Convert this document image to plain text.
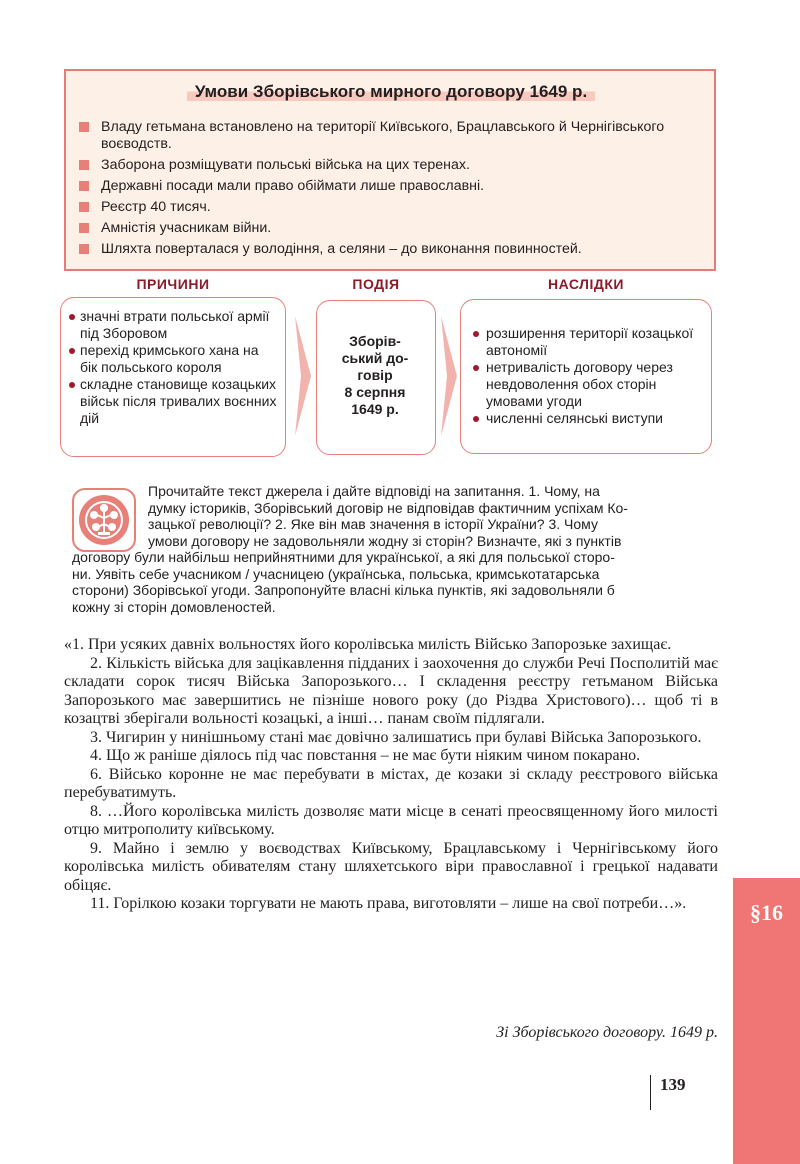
Умови Зборівського мирного договору 1649 р.
Владу гетьмана встановлено на території Київського, Брацлавського й Чернігівського воєводств.
Заборона розміщувати польські війська на цих теренах.
Державні посади мали право обіймати лише православні.
Реєстр 40 тисяч.
Амністія учасникам війни.
Шляхта поверталася у володіння, а селяни – до виконання повинностей.
ПРИЧИНИ	ПОДІЯ	НАСЛІДКИ
значні втрати польської армії під Зборовом
перехід кримського хана на бік польського короля
складне становище козацьких військ після тривалих воєнних дій
Зборів-
ський до-
говір
8 серпня
1649 р.
розширення території козацької автономії
нетривалість договору через невдоволення обох сторін умовами угоди
численні селянські виступи
Прочитайте текст джерела і дайте відповіді на запитання. 1. Чому, на
думку істориків, Зборівський договір не відповідав фактичним успіхам Ко-
зацької революції? 2. Яке він мав значення в історії України? 3. Чому
умови договору не задовольняли жодну зі сторін? Визначте, які з пунктів
договору були найбільш неприйнятними для української, а які для польської сторо-
ни. Уявіть себе учасником / учасницею (українська, польська, кримськотатарська
сторони) Зборівської угоди. Запропонуйте власні кілька пунктів, які задовольняли б
кожну зі сторін домовленостей.

«1. При усяких давніх вольностях його королівська милість Військо Запорозьке захищає.

2. Кількість війська для зацікавлення підданих і заохочення до служби Речі Посполитій має складати сорок тисяч Війська Запорозького… І складення реєстру гетьманом Війська Запорозького має завершитись не пізніше нового року (до Різдва Христового)… щоб ті в козацтві зберігали вольності козацькі, а інші… панам своїм підлягали.

3. Чигирин у нинішньому стані має довічно залишатись при булаві Війська Запорозького.

4. Що ж раніше діялось під час повстання – не має бути ніяким чином покарано.

6. Військо коронне не має перебувати в містах, де козаки зі складу реєстрового війська перебуватимуть.

8. …Його королівська милість дозволяє мати місце в сенаті преосвященному його милості отцю митрополиту київському.

9. Майно і землю у воєводствах Київському, Брацлавському і Чернігівському його королівська милість обивателям стану шляхетського віри православної і грецької надавати обіцяє.

11. Горілкою козаки торгувати не мають права, виготовляти – лише на свої потреби…».

Зі Зборівського договору. 1649 р.
139
§16
